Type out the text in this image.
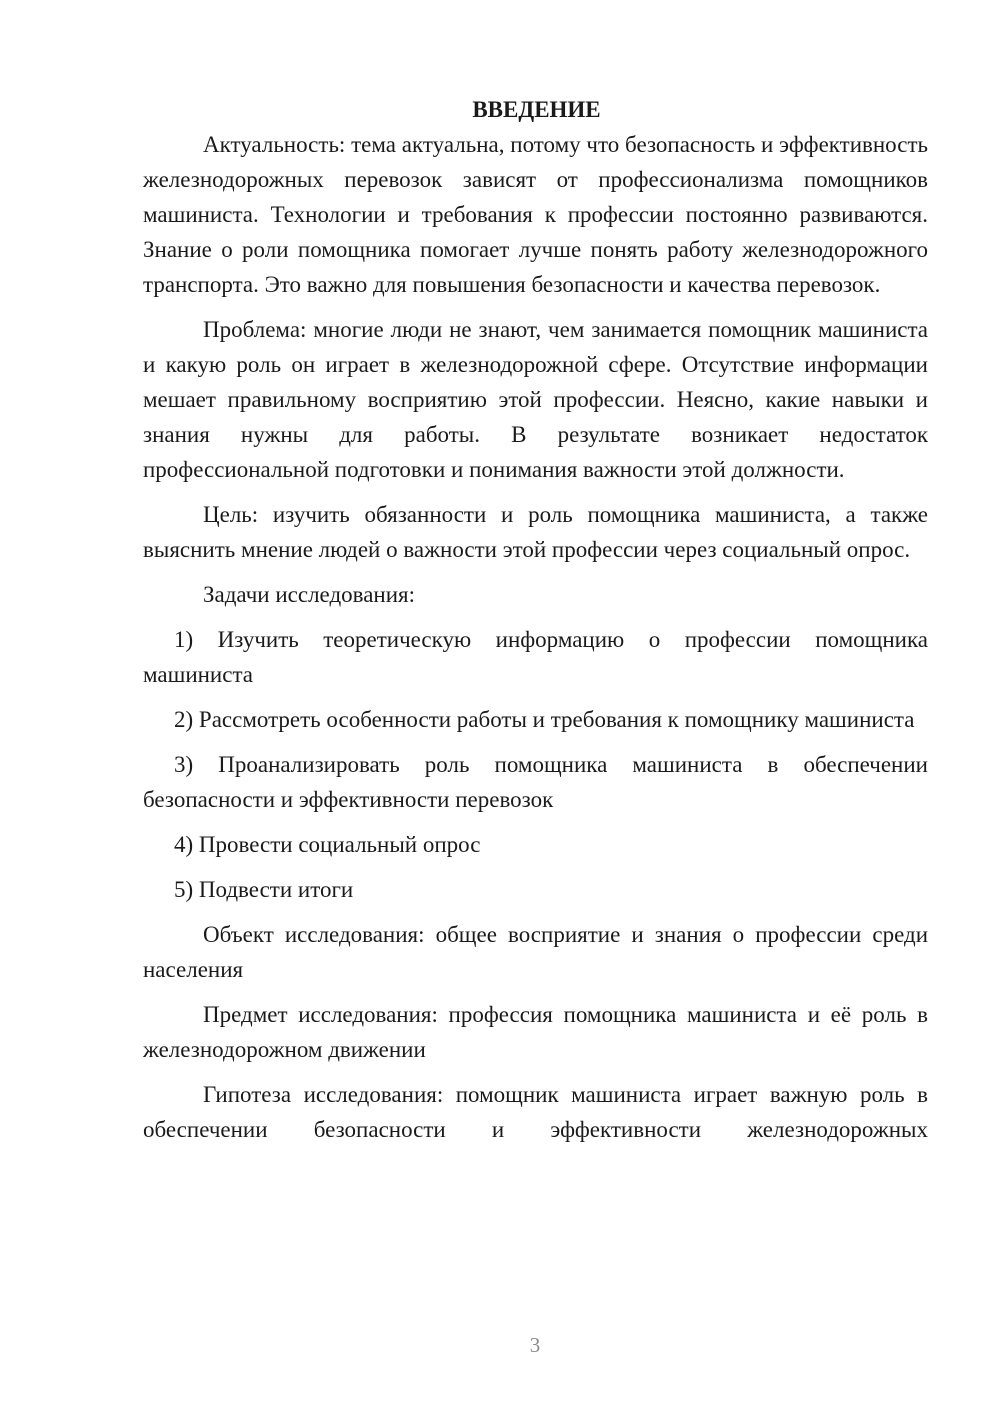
ВВЕДЕНИЕ

Актуальность: тема актуальна, потому что безопасность и эффективность железнодорожных перевозок зависят от профессионализма помощников машиниста. Технологии и требования к профессии постоянно развиваются. Знание о роли помощника помогает лучше понять работу железнодорожного транспорта. Это важно для повышения безопасности и качества перевозок.

Проблема: многие люди не знают, чем занимается помощник машиниста и какую роль он играет в железнодорожной сфере. Отсутствие информации мешает правильному восприятию этой профессии. Неясно, какие навыки и знания нужны для работы. В результате возникает недостаток профессиональной подготовки и понимания важности этой должности.

Цель: изучить обязанности и роль помощника машиниста, а также выяснить мнение людей о важности этой профессии через социальный опрос.

Задачи исследования:

1) Изучить теоретическую информацию о профессии помощника машиниста

2) Рассмотреть особенности работы и требования к помощнику машиниста

3) Проанализировать роль помощника машиниста в обеспечении безопасности и эффективности перевозок

4) Провести социальный опрос

5) Подвести итоги

Объект исследования: общее восприятие и знания о профессии среди населения

Предмет исследования: профессия помощника машиниста и её роль в железнодорожном движении

Гипотеза исследования: помощник машиниста играет важную роль в обеспечении безопасности и эффективности железнодорожных

3
